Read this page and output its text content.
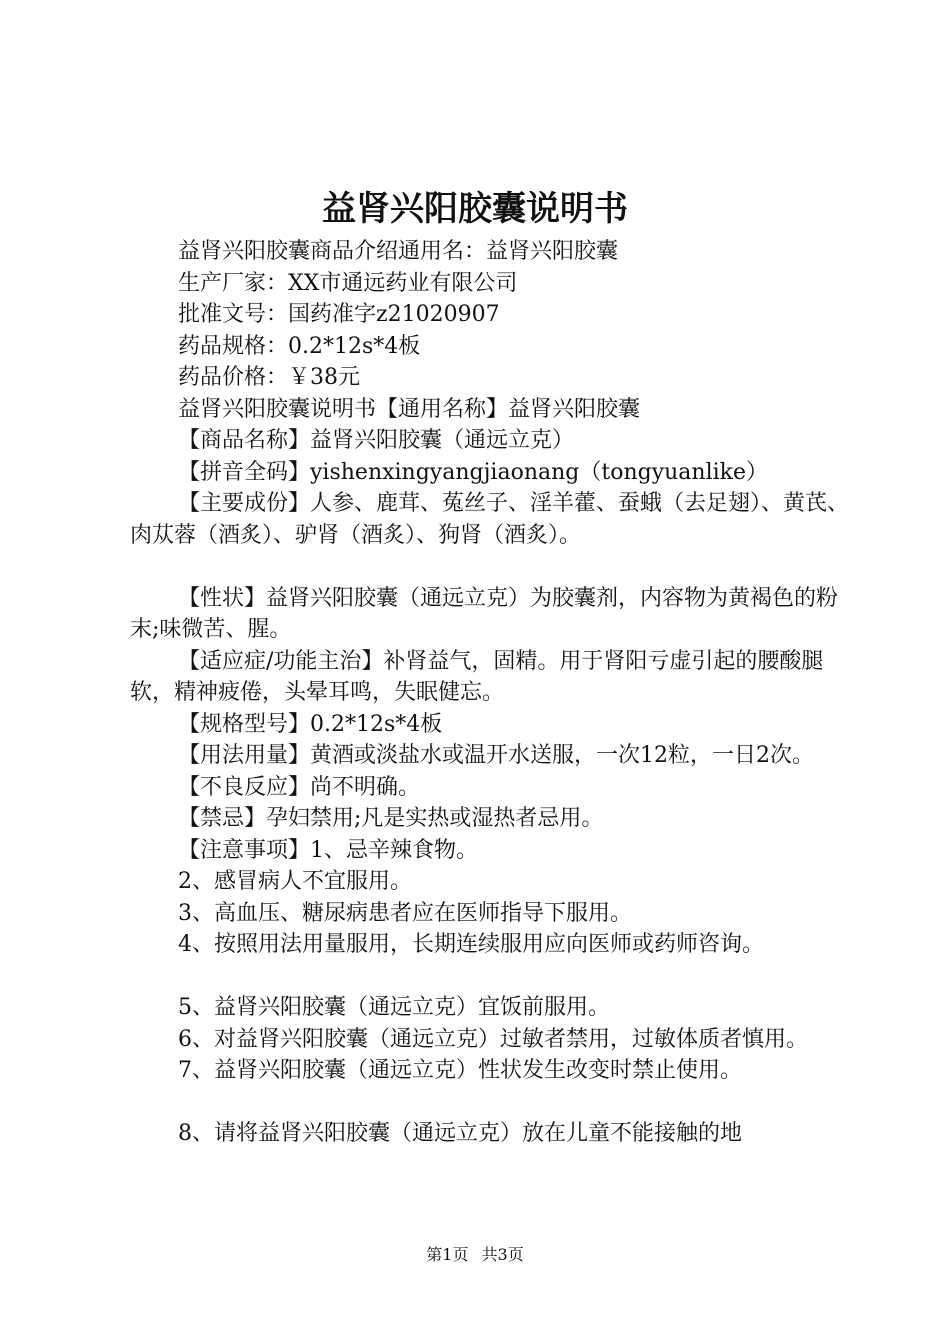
益肾兴阳胶囊说明书

益肾兴阳胶囊商品介绍通用名：益肾兴阳胶囊

生产厂家：XX市通远药业有限公司

批准文号：国药准字z21020907

药品规格：0.2*12s*4板

药品价格：￥38元

益肾兴阳胶囊说明书【通用名称】益肾兴阳胶囊

【商品名称】益肾兴阳胶囊（通远立克）

【拼音全码】yishenxingyangjiaonang（tongyuanlike）

【主要成份】人参、鹿茸、菟丝子、淫羊藿、蚕蛾（去足翅）、黄芪、肉苁蓉（酒炙）、驴肾（酒炙）、狗肾（酒炙）。

【性状】益肾兴阳胶囊（通远立克）为胶囊剂，内容物为黄褐色的粉末;味微苦、腥。

【适应症/功能主治】补肾益气，固精。用于肾阳亏虚引起的腰酸腿软，精神疲倦，头晕耳鸣，失眠健忘。

【规格型号】0.2*12s*4板

【用法用量】黄酒或淡盐水或温开水送服，一次12粒，一日2次。

【不良反应】尚不明确。

【禁忌】孕妇禁用;凡是实热或湿热者忌用。

【注意事项】1、忌辛辣食物。

2、感冒病人不宜服用。

3、高血压、糖尿病患者应在医师指导下服用。

4、按照用法用量服用，长期连续服用应向医师或药师咨询。

5、益肾兴阳胶囊（通远立克）宜饭前服用。

6、对益肾兴阳胶囊（通远立克）过敏者禁用，过敏体质者慎用。

7、益肾兴阳胶囊（通远立克）性状发生改变时禁止使用。

8、请将益肾兴阳胶囊（通远立克）放在儿童不能接触的地

第1页 共3页
